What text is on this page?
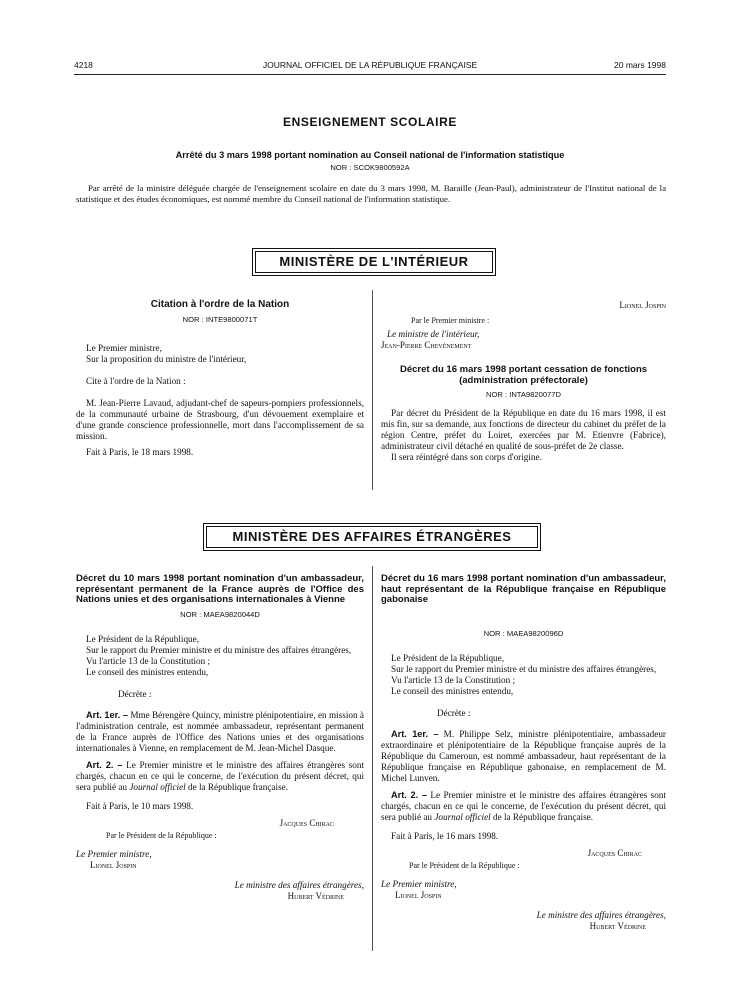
4218	JOURNAL OFFICIEL DE LA RÉPUBLIQUE FRANÇAISE	20 mars 1998
ENSEIGNEMENT SCOLAIRE
Arrêté du 3 mars 1998 portant nomination au Conseil national de l'information statistique
NOR : SCOK9800592A

Par arrêté de la ministre déléguée chargée de l'enseignement scolaire en date du 3 mars 1998, M. Baraille (Jean-Paul), administrateur de l'Institut national de la statistique et des études économiques, est nommé membre du Conseil national de l'information statistique.

MINISTÈRE DE L'INTÉRIEUR
Citation à l'ordre de la Nation
NOR : INTE9800071T

Le Premier ministre,

Sur la proposition du ministre de l'intérieur,

Cite à l'ordre de la Nation :

M. Jean-Pierre Lavaud, adjudant-chef de sapeurs-pompiers professionnels, de la communauté urbaine de Strasbourg, d'un dévouement exemplaire et d'une grande conscience professionnelle, mort dans l'accomplissement de sa mission.

Fait à Paris, le 18 mars 1998.

Lionel Jospin
Par le Premier ministre :
Le ministre de l'intérieur,
Jean-Pierre Chevènement
Décret du 16 mars 1998 portant cessation de fonctions (administration préfectorale)
NOR : INTA9820077D

Par décret du Président de la République en date du 16 mars 1998, il est mis fin, sur sa demande, aux fonctions de directeur du cabinet du préfet de la région Centre, préfet du Loiret, exercées par M. Etienvre (Fabrice), administrateur civil détaché en qualité de sous-préfet de 2e classe.

Il sera réintégré dans son corps d'origine.

MINISTÈRE DES AFFAIRES ÉTRANGÈRES
Décret du 10 mars 1998 portant nomination d'un ambassadeur, représentant permanent de la France auprès de l'Office des Nations unies et des organisations internationales à Vienne
NOR : MAEA9820044D

Le Président de la République,

Sur le rapport du Premier ministre et du ministre des affaires étrangères,

Vu l'article 13 de la Constitution ;

Le conseil des ministres entendu,

Décrète :

Art. 1er. – Mme Bérengère Quincy, ministre plénipotentiaire, en mission à l'administration centrale, est nommée ambassadeur, représentant permanent de la France auprès de l'Office des Nations unies et des organisations internationales à Vienne, en remplacement de M. Jean-Michel Dasque.

Art. 2. – Le Premier ministre et le ministre des affaires étrangères sont chargés, chacun en ce qui le concerne, de l'exécution du présent décret, qui sera publié au Journal officiel de la République française.

Fait à Paris, le 10 mars 1998.

Jacques Chirac
Par le Président de la République :
Le Premier ministre,
Lionel Jospin
Le ministre des affaires étrangères,
Hubert Védrine
Décret du 16 mars 1998 portant nomination d'un ambassadeur, haut représentant de la République française en République gabonaise
NOR : MAEA9820096D

Le Président de la République,

Sur le rapport du Premier ministre et du ministre des affaires étrangères,

Vu l'article 13 de la Constitution ;

Le conseil des ministres entendu,

Décrète :

Art. 1er. – M. Philippe Selz, ministre plénipotentiaire, ambassadeur extraordinaire et plénipotentiaire de la République française auprès de la République du Cameroun, est nommé ambassadeur, haut représentant de la République française en République gabonaise, en remplacement de M. Michel Lunven.

Art. 2. – Le Premier ministre et le ministre des affaires étrangères sont chargés, chacun en ce qui le concerne, de l'exécution du présent décret, qui sera publié au Journal officiel de la République française.

Fait à Paris, le 16 mars 1998.

Jacques Chirac
Par le Président de la République :
Le Premier ministre,
Lionel Jospin
Le ministre des affaires étrangères,
Hubert Védrine
